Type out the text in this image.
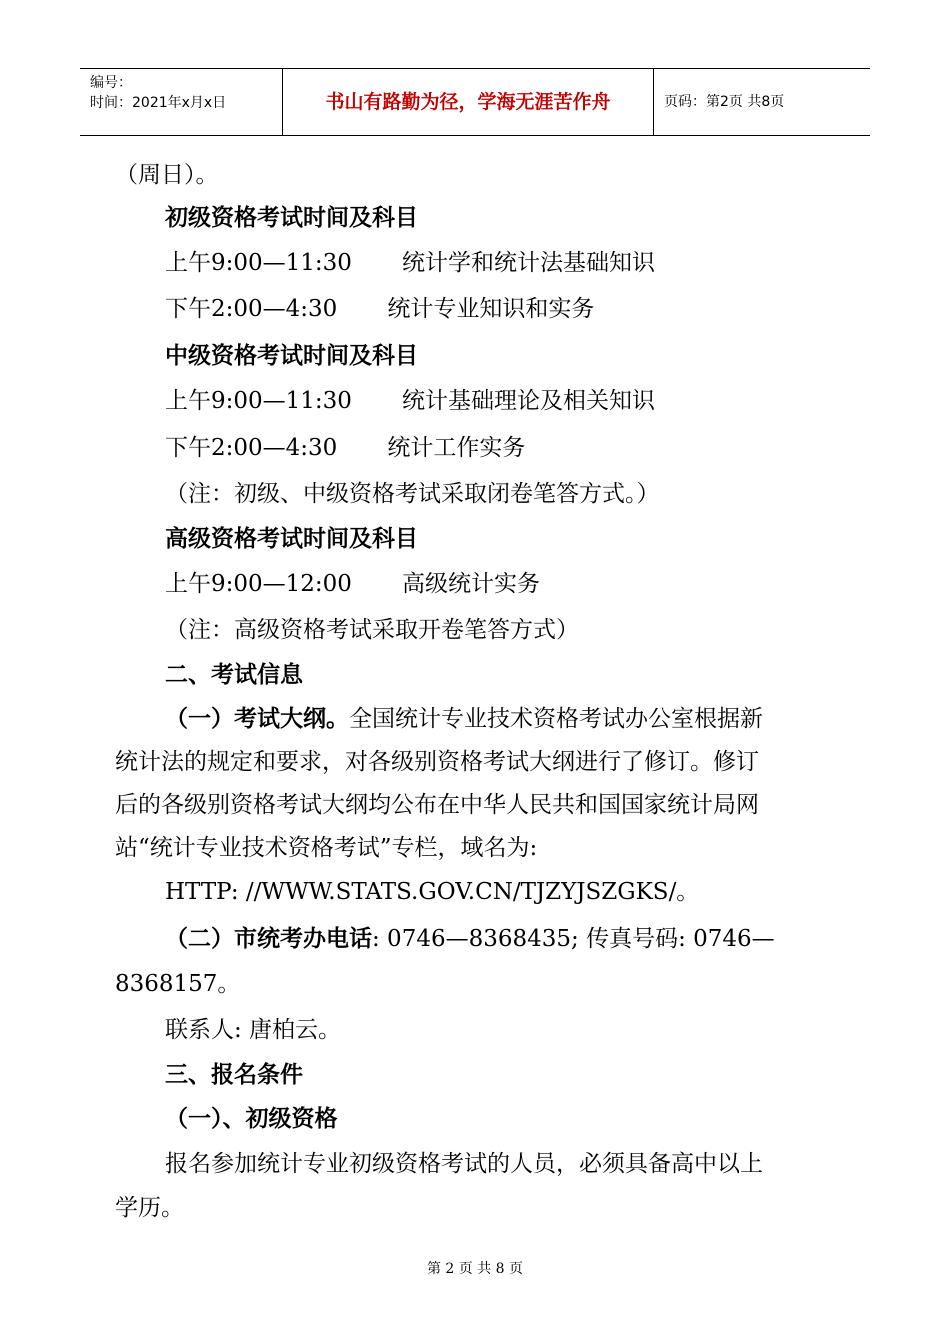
编号：
时间：2021年x月x日	书山有路勤为径，学海无涯苦作舟	页码：第2页 共8页
（周日）。
初级资格考试时间及科目
上午9:00—11:30 统计学和统计法基础知识
下午2:00—4:30 统计专业知识和实务
中级资格考试时间及科目
上午9:00—11:30 统计基础理论及相关知识
下午2:00—4:30 统计工作实务
（注：初级、中级资格考试采取闭卷笔答方式。）
高级资格考试时间及科目
上午9:00—12:00 高级统计实务
（注：高级资格考试采取开卷笔答方式）
二、考试信息
（一）考试大纲。全国统计专业技术资格考试办公室根据新
统计法的规定和要求，对各级别资格考试大纲进行了修订。修订
后的各级别资格考试大纲均公布在中华人民共和国国家统计局网
站“统计专业技术资格考试”专栏，域名为:
HTTP: //WWW.STATS.GOV.CN/TJZYJSZGKS/。
（二）市统考办电话: 0746—8368435; 传真号码: 0746—
8368157。
联系人: 唐柏云。
三、报名条件
（一）、初级资格
报名参加统计专业初级资格考试的人员，必须具备高中以上
学历。
第 2 页 共 8 页
